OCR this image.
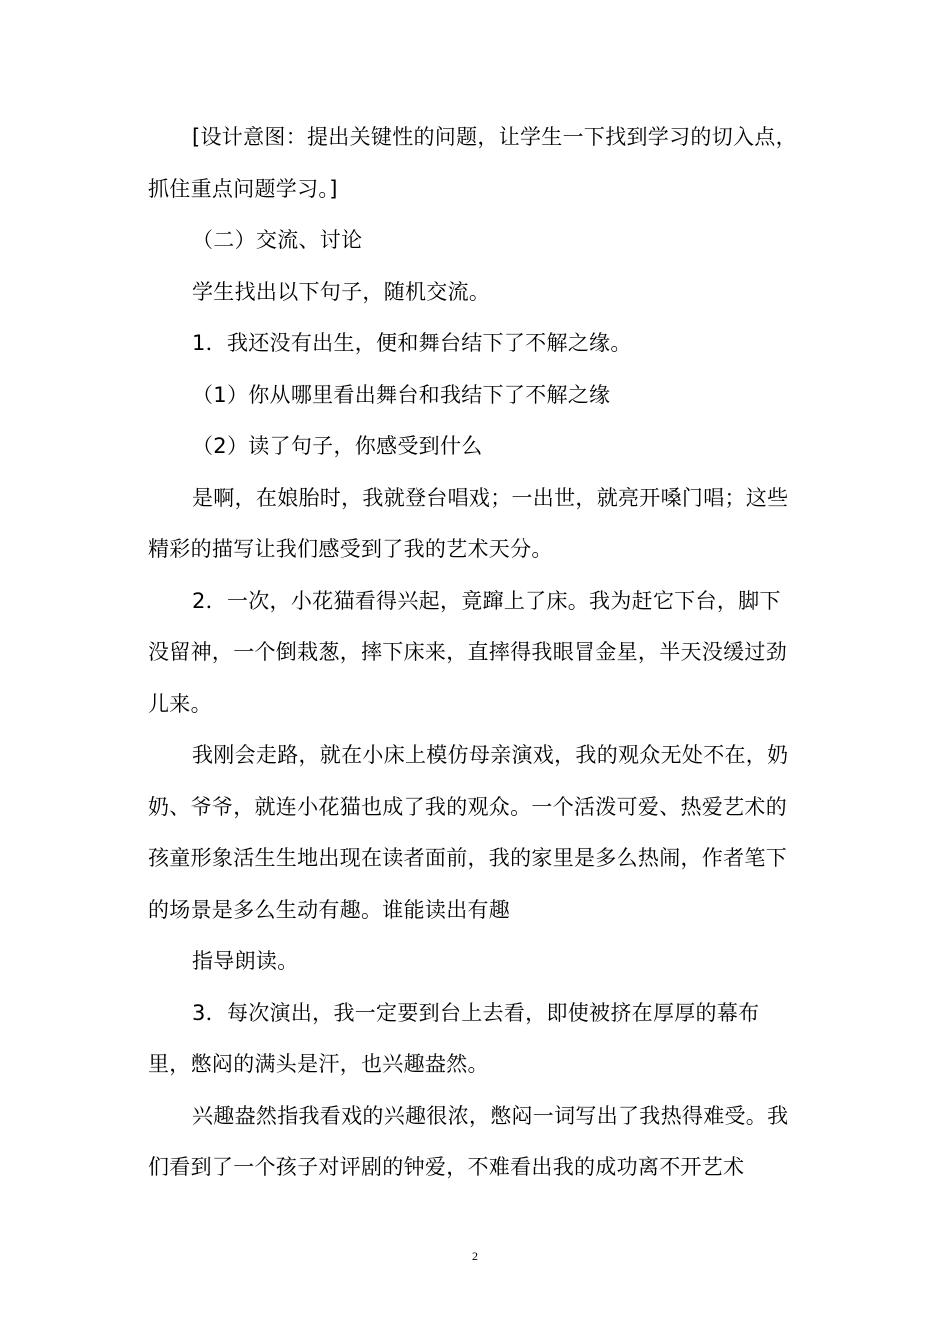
[设计意图：提出关键性的问题，让学生一下找到学习的切入点，抓住重点问题学习。]

（二）交流、讨论

学生找出以下句子，随机交流。

1．我还没有出生，便和舞台结下了不解之缘。

（1）你从哪里看出舞台和我结下了不解之缘

（2）读了句子，你感受到什么

是啊，在娘胎时，我就登台唱戏；一出世，就亮开嗓门唱；这些精彩的描写让我们感受到了我的艺术天分。

2．一次，小花猫看得兴起，竟蹿上了床。我为赶它下台，脚下没留神，一个倒栽葱，摔下床来，直摔得我眼冒金星，半天没缓过劲儿来。

我刚会走路，就在小床上模仿母亲演戏，我的观众无处不在，奶奶、爷爷，就连小花猫也成了我的观众。一个活泼可爱、热爱艺术的孩童形象活生生地出现在读者面前，我的家里是多么热闹，作者笔下的场景是多么生动有趣。谁能读出有趣

指导朗读。

3．每次演出，我一定要到台上去看，即使被挤在厚厚的幕布里，憋闷的满头是汗，也兴趣盎然。

兴趣盎然指我看戏的兴趣很浓，憋闷一词写出了我热得难受。我们看到了一个孩子对评剧的钟爱，不难看出我的成功离不开艺术

2
